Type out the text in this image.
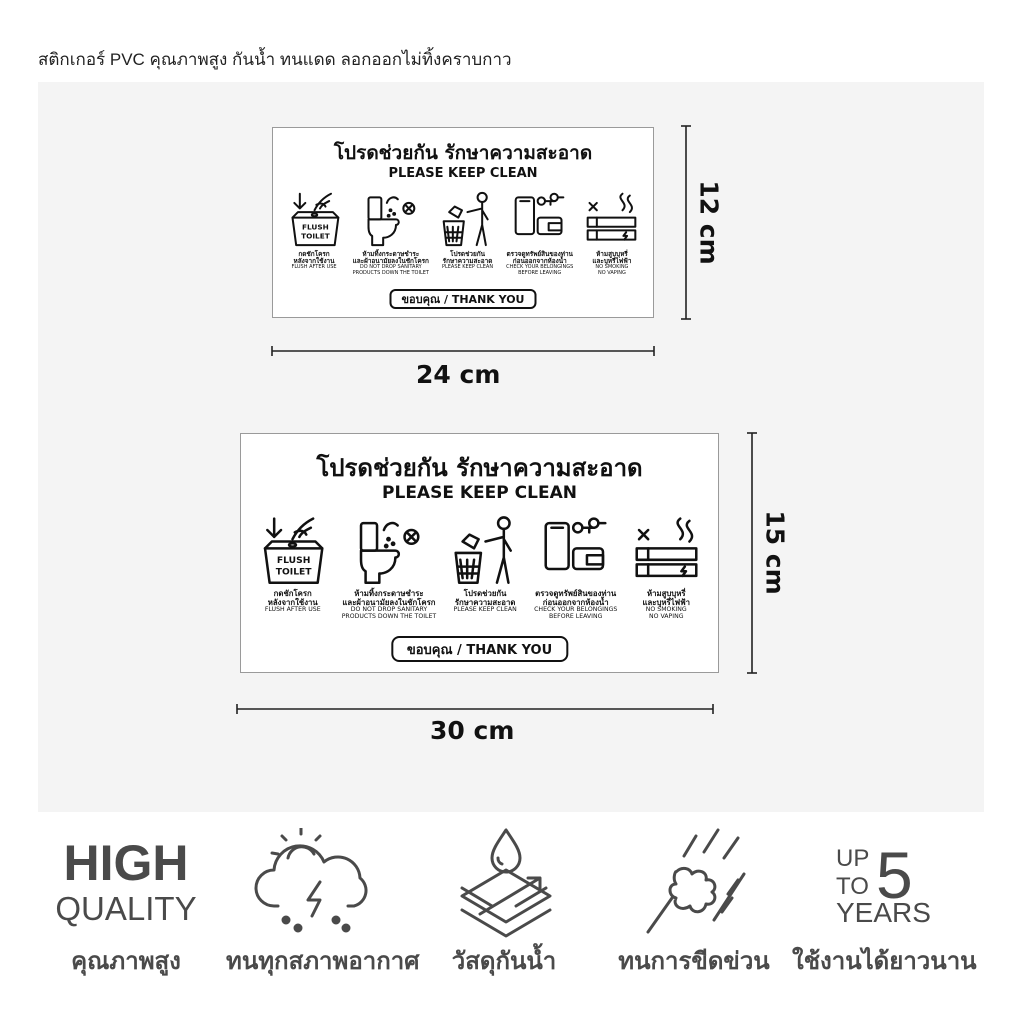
สติกเกอร์ PVC คุณภาพสูง กันน้ำ ทนแดด ลอกออกไม่ทิ้งคราบกาว
โปรดช่วยกัน รักษาความสะอาด
PLEASE KEEP CLEAN
FLUSH
TOILET
กดชักโครก
หลังจากใช้งาน
FLUSH AFTER USE
ห้ามทิ้งกระดาษชำระ
และผ้าอนามัยลงในชักโครก
DO NOT DROP SANITARY
PRODUCTS DOWN THE TOILET
โปรดช่วยกัน
รักษาความสะอาด
PLEASE KEEP CLEAN
ตรวจดูทรัพย์สินของท่าน
ก่อนออกจากห้องน้ำ
CHECK YOUR BELONGINGS
BEFORE LEAVING
ห้ามสูบบุหรี่
และบุหรี่ไฟฟ้า
NO SMOKING
NO VAPING
ขอบคุณ / THANK YOU
โปรดช่วยกัน รักษาความสะอาด
PLEASE KEEP CLEAN
FLUSH
TOILET
กดชักโครก
หลังจากใช้งาน
FLUSH AFTER USE
ห้ามทิ้งกระดาษชำระ
และผ้าอนามัยลงในชักโครก
DO NOT DROP SANITARY
PRODUCTS DOWN THE TOILET
โปรดช่วยกัน
รักษาความสะอาด
PLEASE KEEP CLEAN
ตรวจดูทรัพย์สินของท่าน
ก่อนออกจากห้องน้ำ
CHECK YOUR BELONGINGS
BEFORE LEAVING
ห้ามสูบบุหรี่
และบุหรี่ไฟฟ้า
NO SMOKING
NO VAPING
ขอบคุณ / THANK YOU
24 cm
12 cm
30 cm
15 cm
HIGH
QUALITY
คุณภาพสูง	ทนทุกสภาพอากาศ	วัสดุกันน้ำ	ทนการขีดข่วน
UP
TO 5
YEARS
ใช้งานได้ยาวนาน
